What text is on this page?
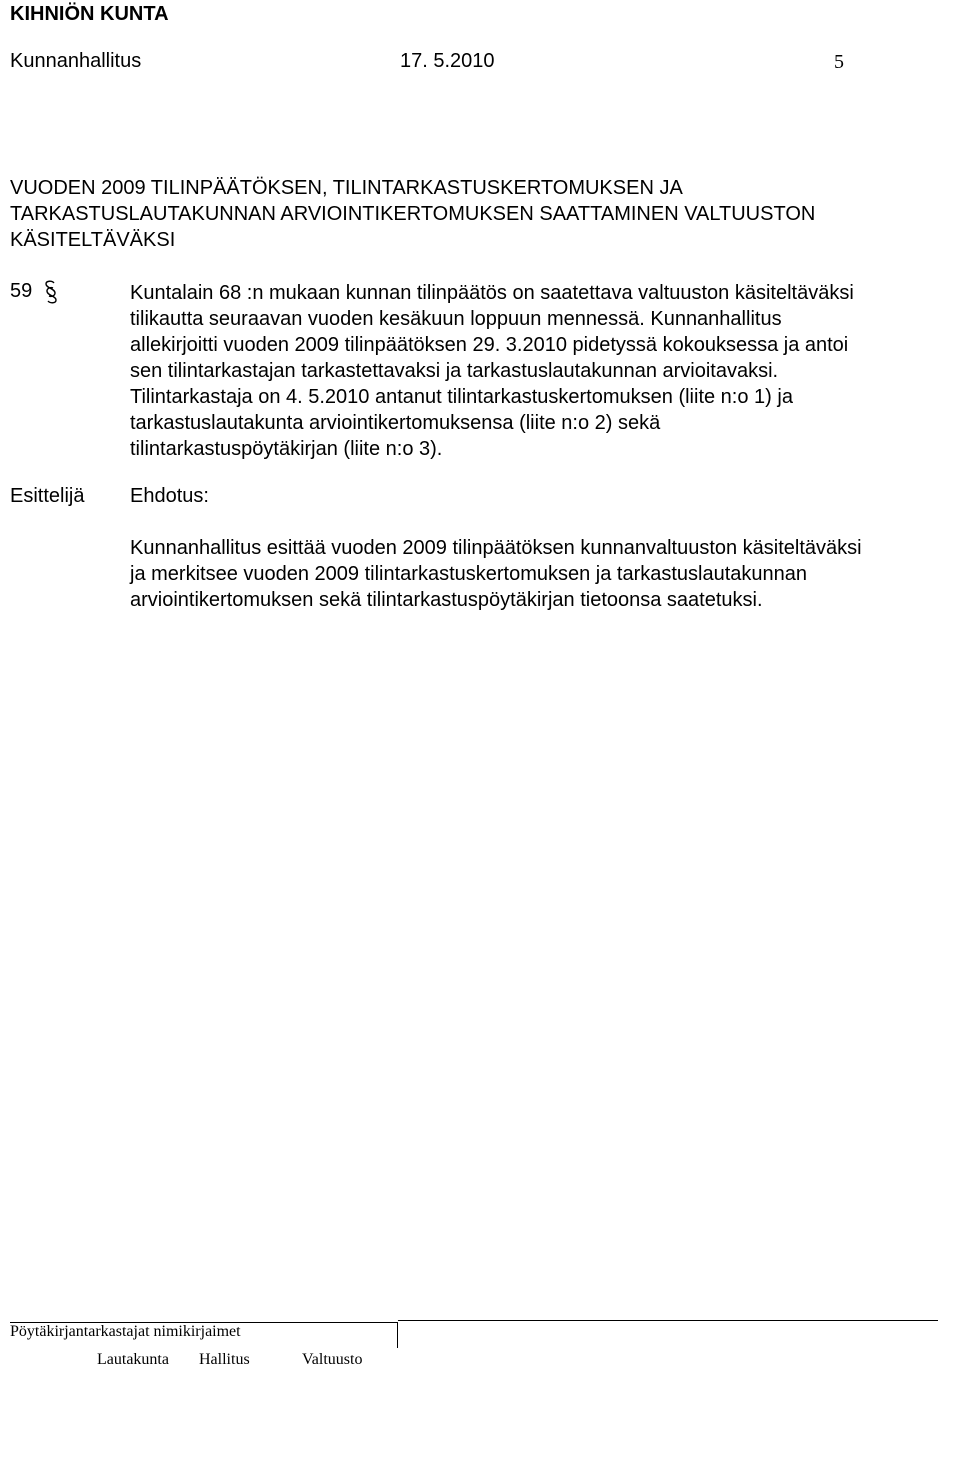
KIHNIÖN KUNTA
Kunnanhallitus	17. 5.2010	5
VUODEN 2009 TILINPÄÄTÖKSEN, TILINTARKASTUSKERTOMUKSEN JA
TARKASTUSLAUTAKUNNAN ARVIOINTIKERTOMUKSEN SAATTAMINEN VALTUUSTON
KÄSITELTÄVÄKSI
59	Kuntalain 68 :n mukaan kunnan tilinpäätös on saatettava valtuuston käsiteltäväksi
tilikautta seuraavan vuoden kesäkuun loppuun mennessä. Kunnanhallitus
allekirjoitti vuoden 2009 tilinpäätöksen 29. 3.2010 pidetyssä kokouksessa ja antoi
sen tilintarkastajan tarkastettavaksi ja tarkastuslautakunnan arvioitavaksi.
Tilintarkastaja on 4. 5.2010 antanut tilintarkastuskertomuksen (liite n:o 1) ja
tarkastuslautakunta arviointikertomuksensa (liite n:o 2) sekä
tilintarkastuspöytäkirjan (liite n:o 3).
Esittelijä Ehdotus:
Kunnanhallitus esittää vuoden 2009 tilinpäätöksen kunnanvaltuuston käsiteltäväksi
ja merkitsee vuoden 2009 tilintarkastuskertomuksen ja tarkastuslautakunnan
arviointikertomuksen sekä tilintarkastuspöytäkirjan tietoonsa saatetuksi.
Pöytäkirjantarkastajat nimikirjaimet
Lautakunta Hallitus	Valtuusto
